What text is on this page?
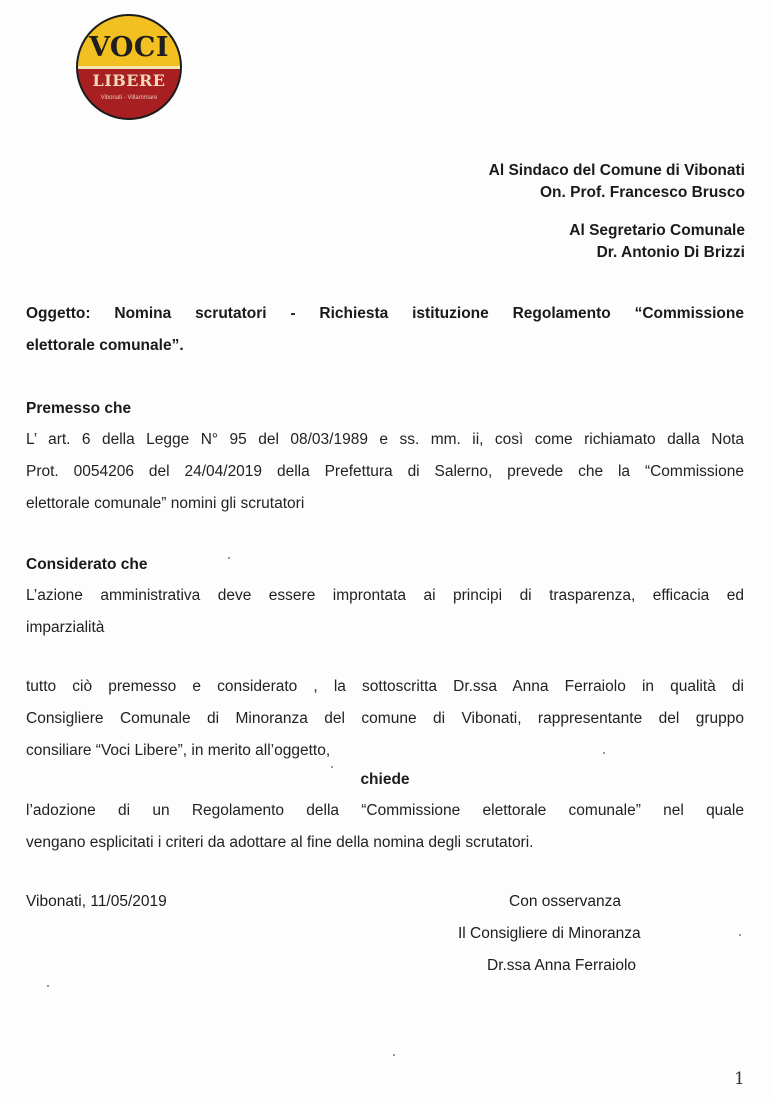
VOCI
LIBERE
Vibonati - Villammare
Al Sindaco del Comune di Vibonati
On. Prof. Francesco Brusco
Al Segretario Comunale
Dr. Antonio Di Brizzi
Oggetto: Nomina scrutatori - Richiesta istituzione Regolamento “Commissione
elettorale comunale”.
Premesso che
L’ art. 6 della Legge N° 95 del 08/03/1989 e ss. mm. ii, così come richiamato dalla Nota
Prot. 0054206 del 24/04/2019 della Prefettura di Salerno, prevede che la “Commissione
elettorale comunale” nomini gli scrutatori
Considerato che
L’azione amministrativa deve essere improntata ai principi di trasparenza, efficacia ed
imparzialità
tutto ciò premesso e considerato , la sottoscritta Dr.ssa Anna Ferraiolo in qualità di
Consigliere Comunale di Minoranza del comune di Vibonati, rappresentante del gruppo
consiliare “Voci Libere”, in merito all’oggetto,
chiede
l’adozione di un Regolamento della “Commissione elettorale comunale” nel quale
vengano esplicitati i criteri da adottare al fine della nomina degli scrutatori.
Vibonati, 11/05/2019	Con osservanza
Il Consigliere di Minoranza
Dr.ssa Anna Ferraiolo
1
